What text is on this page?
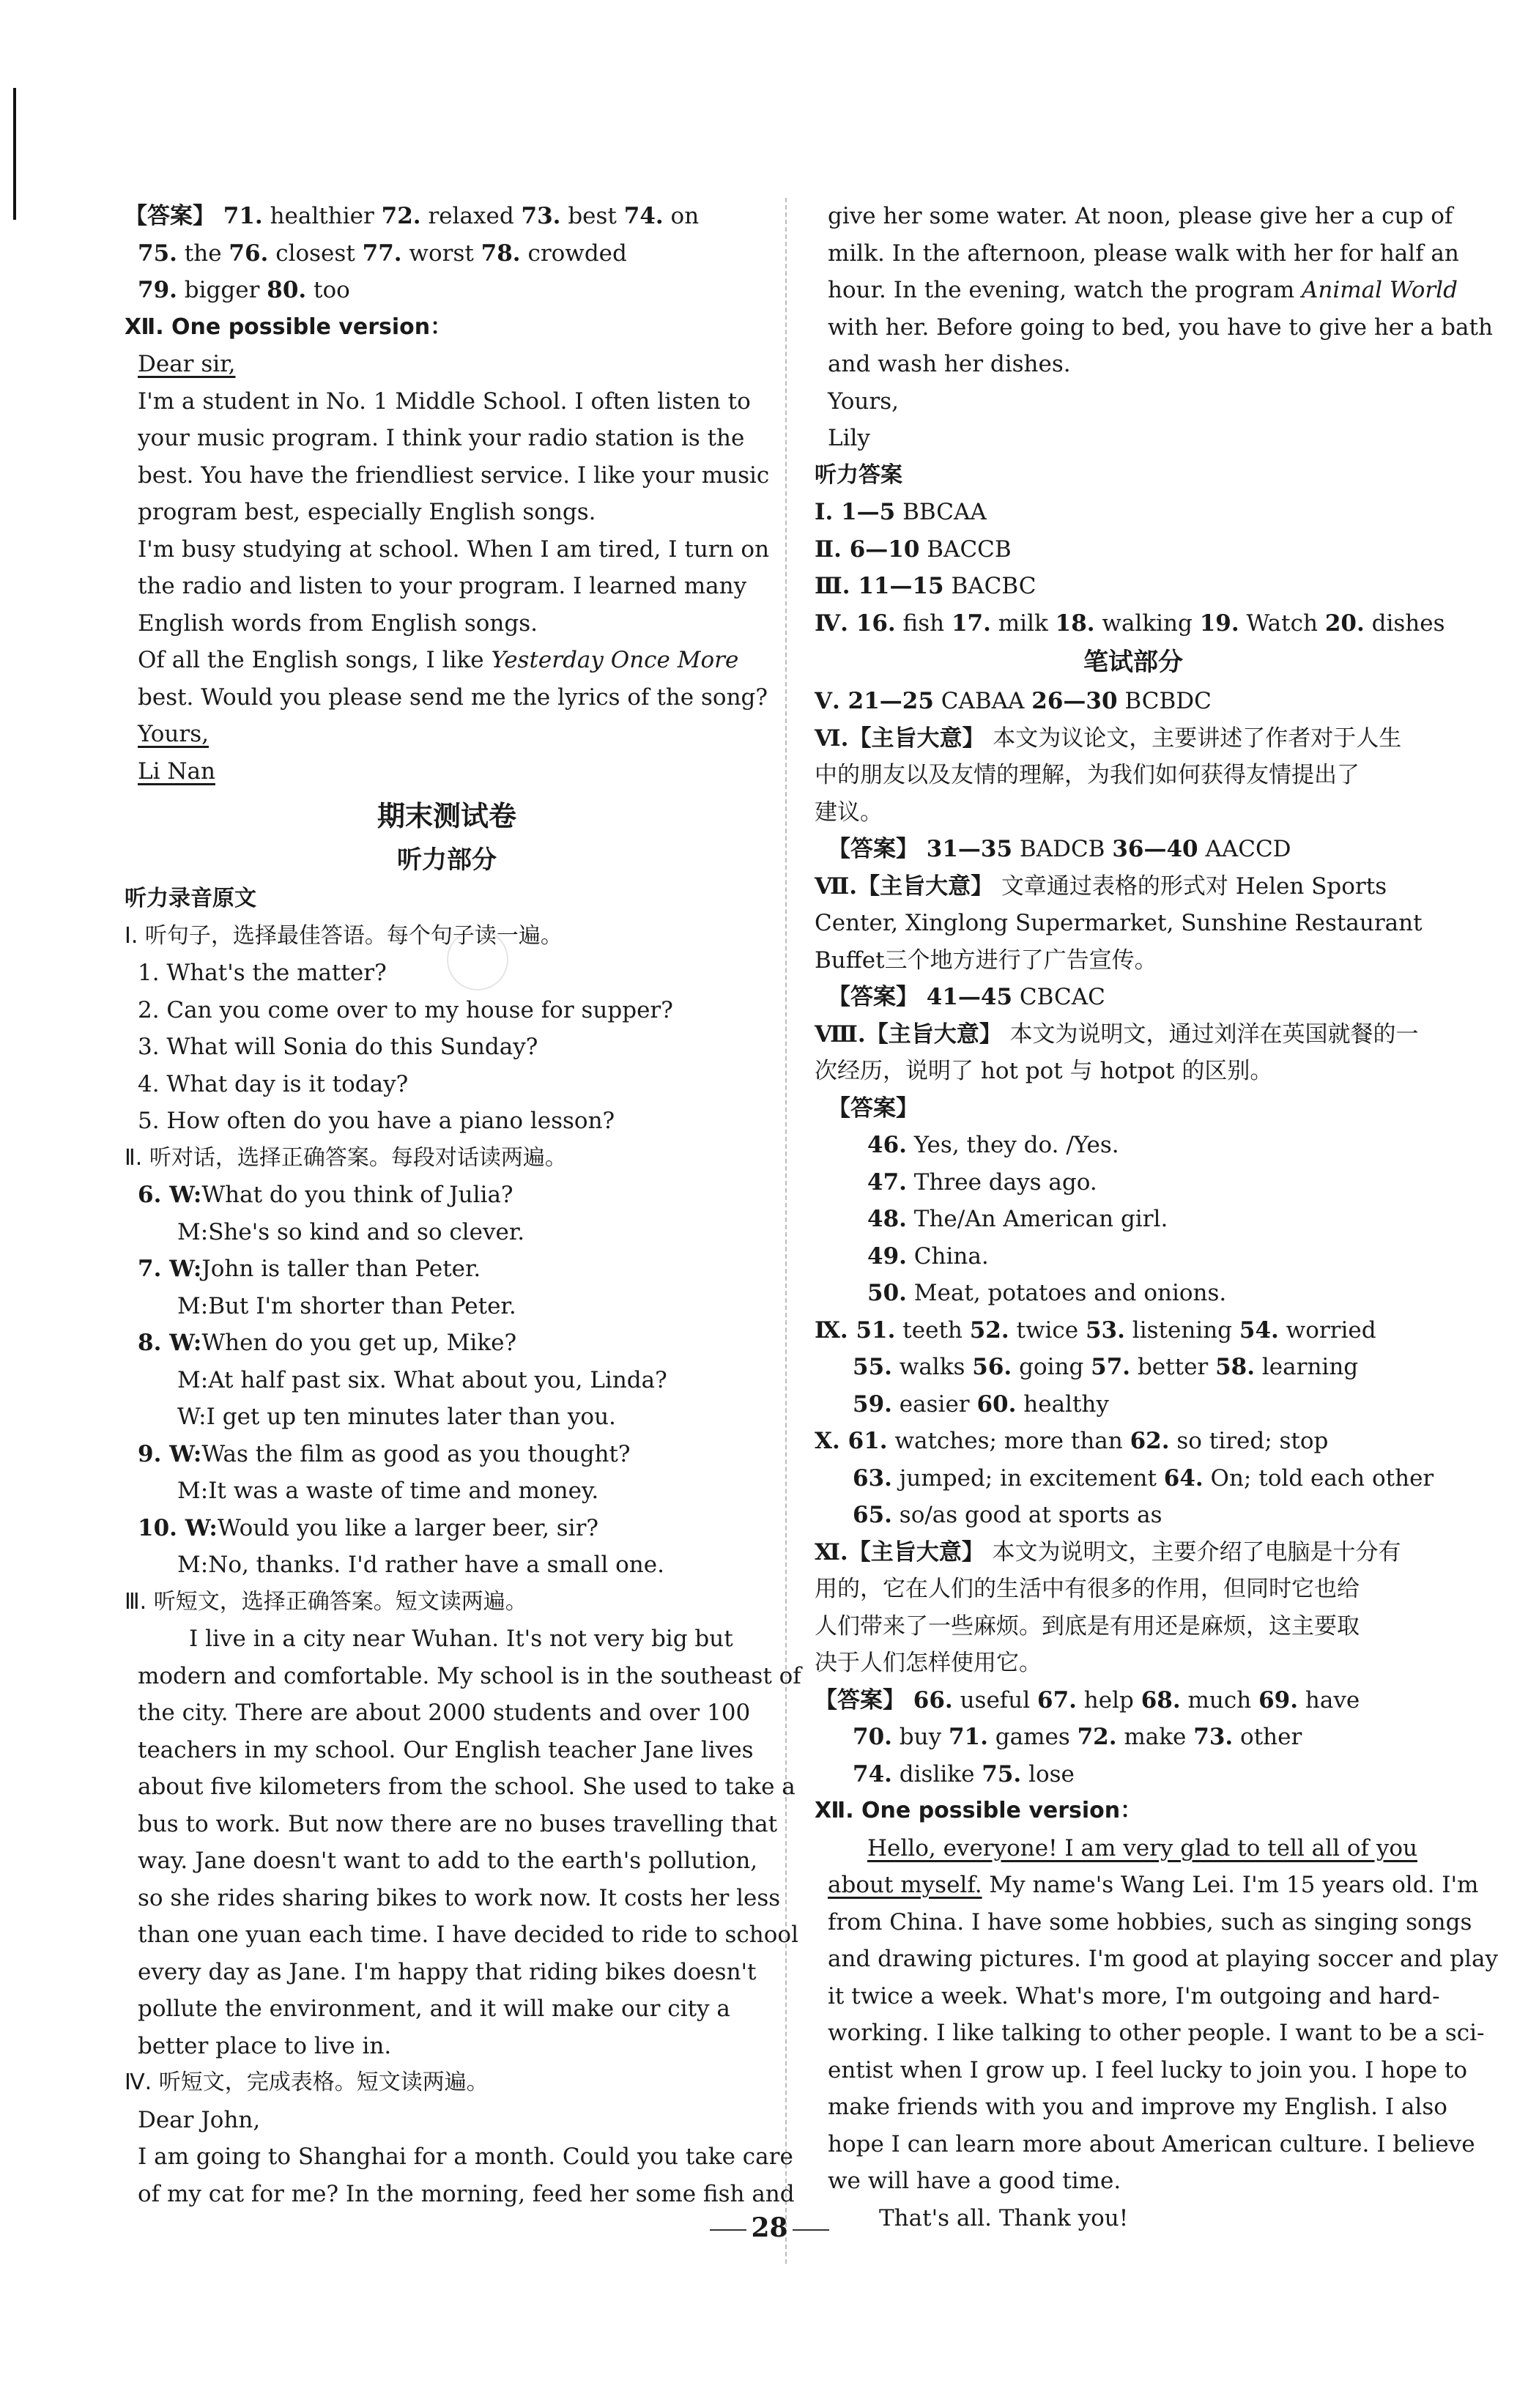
【答案】 71. healthier 72. relaxed 73. best 74. on
75. the 76. closest 77. worst 78. crowded
79. bigger 80. too
Ⅻ. One possible version：
Dear sir,
I'm a student in No. 1 Middle School. I often listen to
your music program. I think your radio station is the
best. You have the friendliest service. I like your music
program best, especially English songs.
I'm busy studying at school. When I am tired, I turn on
the radio and listen to your program. I learned many
English words from English songs.
Of all the English songs, I like Yesterday Once More
best. Would you please send me the lyrics of the song?
Yours,
Li Nan
期末测试卷
听力部分
听力录音原文
Ⅰ. 听句子，选择最佳答语。每个句子读一遍。
1. What's the matter?
2. Can you come over to my house for supper?
3. What will Sonia do this Sunday?
4. What day is it today?
5. How often do you have a piano lesson?
Ⅱ. 听对话，选择正确答案。每段对话读两遍。
6. W:What do you think of Julia?
M:She's so kind and so clever.
7. W:John is taller than Peter.
M:But I'm shorter than Peter.
8. W:When do you get up, Mike?
M:At half past six. What about you, Linda?
W:I get up ten minutes later than you.
9. W:Was the film as good as you thought?
M:It was a waste of time and money.
10. W:Would you like a larger beer, sir?
M:No, thanks. I'd rather have a small one.
Ⅲ. 听短文，选择正确答案。短文读两遍。
I live in a city near Wuhan. It's not very big but
modern and comfortable. My school is in the southeast of
the city. There are about 2000 students and over 100
teachers in my school. Our English teacher Jane lives
about five kilometers from the school. She used to take a
bus to work. But now there are no buses travelling that
way. Jane doesn't want to add to the earth's pollution,
so she rides sharing bikes to work now. It costs her less
than one yuan each time. I have decided to ride to school
every day as Jane. I'm happy that riding bikes doesn't
pollute the environment, and it will make our city a
better place to live in.
Ⅳ. 听短文，完成表格。短文读两遍。
Dear John,
I am going to Shanghai for a month. Could you take care
of my cat for me? In the morning, feed her some fish and
give her some water. At noon, please give her a cup of
milk. In the afternoon, please walk with her for half an
hour. In the evening, watch the program Animal World
with her. Before going to bed, you have to give her a bath
and wash her dishes.
Yours,
Lily
听力答案
Ⅰ. 1—5 BBCAA
Ⅱ. 6—10 BACCB
Ⅲ. 11—15 BACBC
Ⅳ. 16. fish 17. milk 18. walking 19. Watch 20. dishes
笔试部分
Ⅴ. 21—25 CABAA 26—30 BCBDC
Ⅵ.【主旨大意】 本文为议论文，主要讲述了作者对于人生
中的朋友以及友情的理解，为我们如何获得友情提出了
建议。
【答案】 31—35 BADCB 36—40 AACCD
Ⅶ.【主旨大意】 文章通过表格的形式对 Helen Sports
Center, Xinglong Supermarket, Sunshine Restaurant
Buffet三个地方进行了广告宣传。
【答案】 41—45 CBCAC
Ⅷ.【主旨大意】 本文为说明文，通过刘洋在英国就餐的一
次经历，说明了 hot pot 与 hotpot 的区别。
【答案】
46. Yes, they do. /Yes.
47. Three days ago.
48. The/An American girl.
49. China.
50. Meat, potatoes and onions.
Ⅸ. 51. teeth 52. twice 53. listening 54. worried
55. walks 56. going 57. better 58. learning
59. easier 60. healthy
Ⅹ. 61. watches; more than 62. so tired; stop
63. jumped; in excitement 64. On; told each other
65. so/as good at sports as
Ⅺ.【主旨大意】 本文为说明文，主要介绍了电脑是十分有
用的，它在人们的生活中有很多的作用，但同时它也给
人们带来了一些麻烦。到底是有用还是麻烦，这主要取
决于人们怎样使用它。
【答案】 66. useful 67. help 68. much 69. have
70. buy 71. games 72. make 73. other
74. dislike 75. lose
Ⅻ. One possible version：
Hello, everyone! I am very glad to tell all of you
about myself. My name's Wang Lei. I'm 15 years old. I'm
from China. I have some hobbies, such as singing songs
and drawing pictures. I'm good at playing soccer and play
it twice a week. What's more, I'm outgoing and hard-
working. I like talking to other people. I want to be a sci-
entist when I grow up. I feel lucky to join you. I hope to
make friends with you and improve my English. I also
hope I can learn more about American culture. I believe
we will have a good time.
That's all. Thank you!
28
